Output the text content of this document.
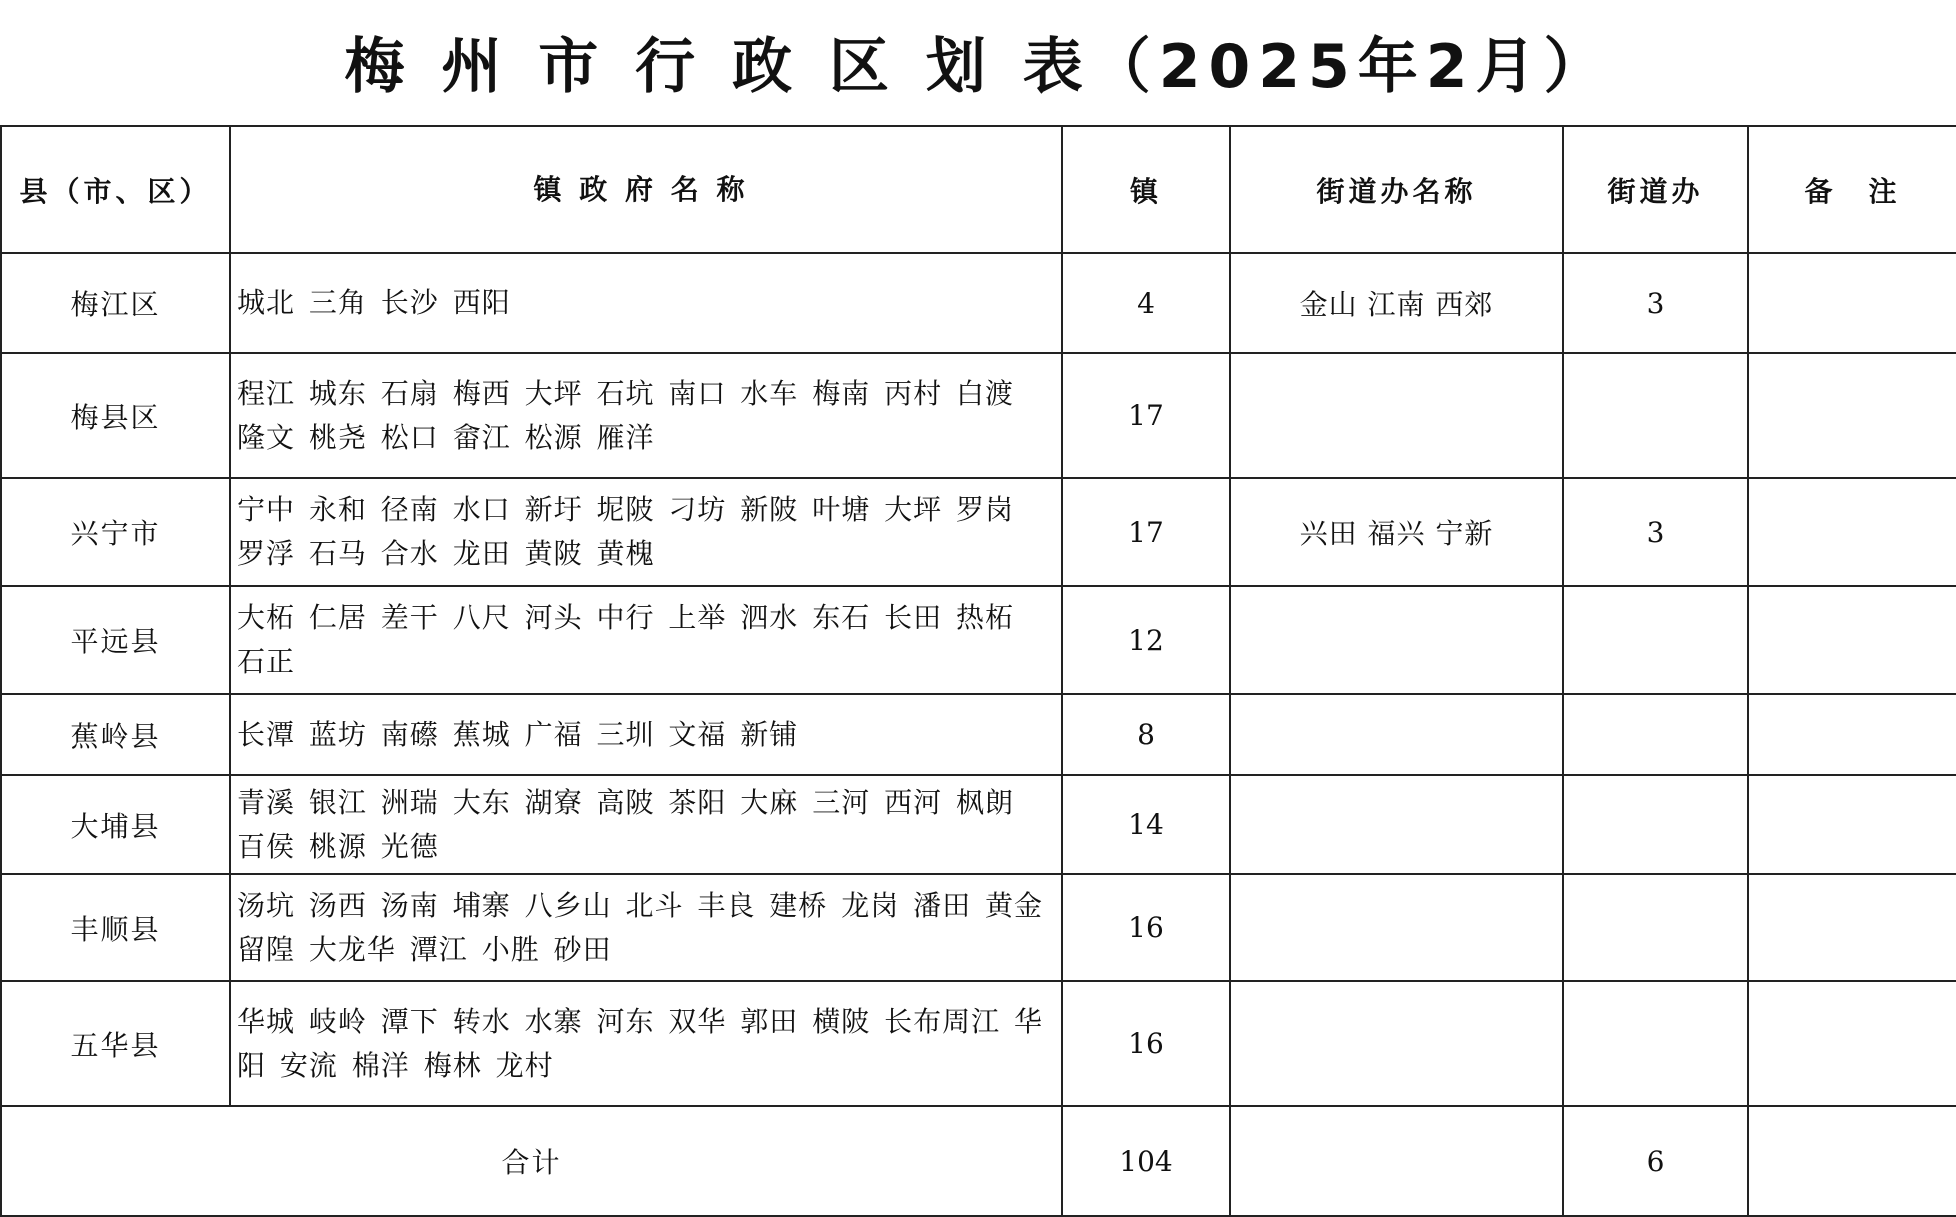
梅 州 市 行 政 区 划 表（2025年2月）
县（市、区）	镇 政 府 名 称	镇	街道办名称	街道办	备　注
梅江区	城北 三角 长沙 西阳	4	金山 江南 西郊	3	
梅县区	程江 城东 石扇 梅西 大坪 石坑 南口 水车 梅南 丙村 白渡 隆文 桃尧 松口 畲江 松源 雁洋	17			
兴宁市	宁中 永和 径南 水口 新圩 坭陂 刁坊 新陂 叶塘 大坪 罗岗 罗浮 石马 合水 龙田 黄陂 黄槐	17	兴田 福兴 宁新	3	
平远县	大柘 仁居 差干 八尺 河头 中行 上举 泗水 东石 长田 热柘 石正	12			
蕉岭县	长潭 蓝坊 南礤 蕉城 广福 三圳 文福 新铺	8			
大埔县	青溪 银江 洲瑞 大东 湖寮 高陂 茶阳 大麻 三河 西河 枫朗 百侯 桃源 光德	14			
丰顺县	汤坑 汤西 汤南 埔寨 八乡山 北斗 丰良 建桥 龙岗 潘田 黄金 留隍 大龙华 潭江 小胜 砂田	16			
五华县	华城 岐岭 潭下 转水 水寨 河东 双华 郭田 横陂 长布周江 华阳 安流 棉洋 梅林 龙村	16			
合计		104		6	
